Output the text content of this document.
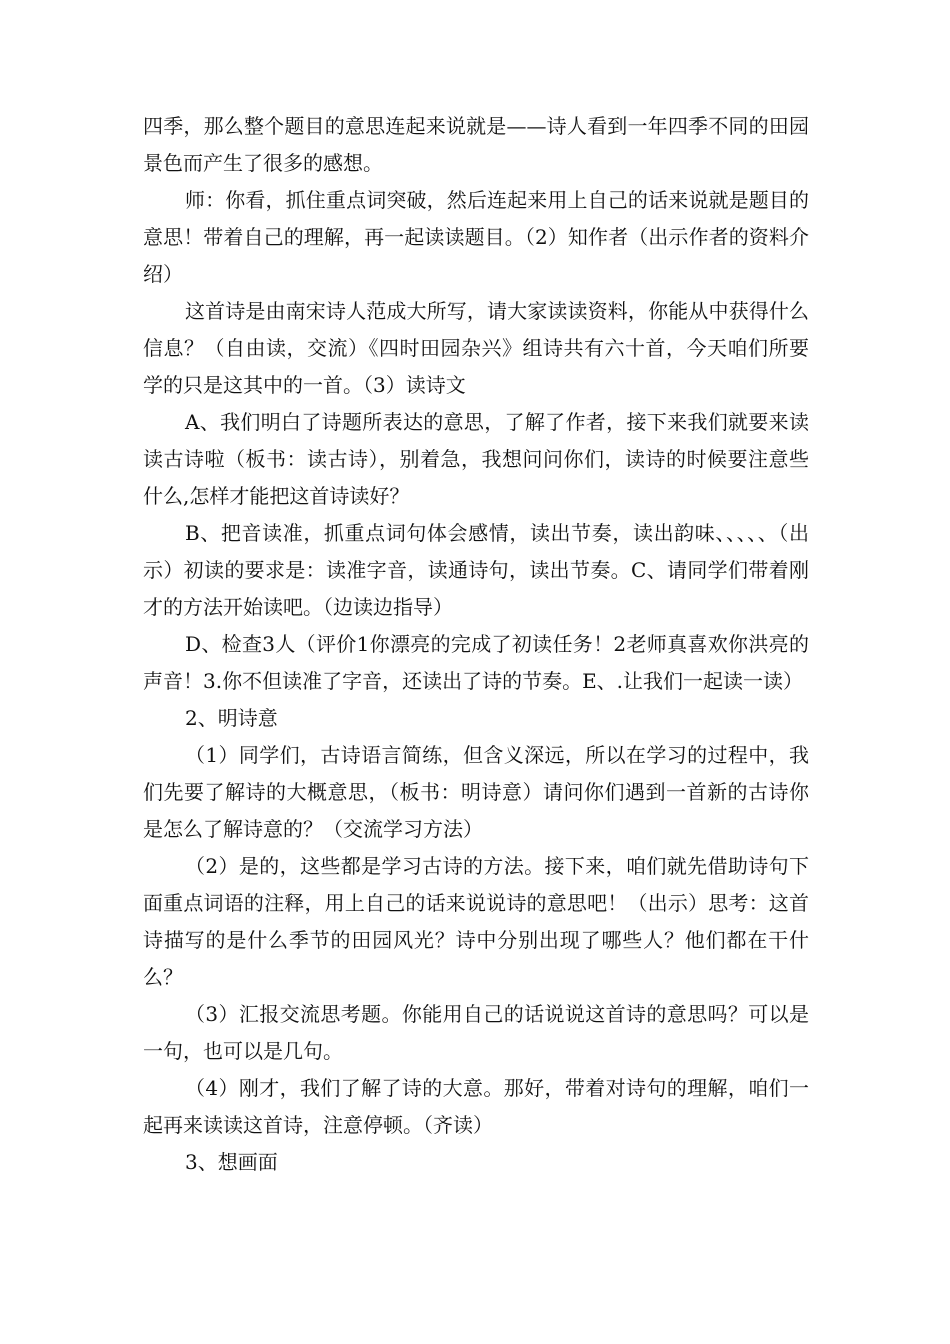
四季，那么整个题目的意思连起来说就是——诗人看到一年四季不同的田园景色而产生了很多的感想。

师：你看，抓住重点词突破，然后连起来用上自己的话来说就是题目的意思！带着自己的理解，再一起读读题目。（2）知作者（出示作者的资料介绍）

这首诗是由南宋诗人范成大所写，请大家读读资料，你能从中获得什么信息？（自由读，交流）《四时田园杂兴》组诗共有六十首，今天咱们所要学的只是这其中的一首。（3）读诗文

A、我们明白了诗题所表达的意思，了解了作者，接下来我们就要来读读古诗啦（板书：读古诗），别着急，我想问问你们，读诗的时候要注意些什么,怎样才能把这首诗读好？

B、把音读准，抓重点词句体会感情，读出节奏，读出韵味、、、、、（出示）初读的要求是：读准字音，读通诗句，读出节奏。C、请同学们带着刚才的方法开始读吧。（边读边指导）

D、检查3人（评价1你漂亮的完成了初读任务！2老师真喜欢你洪亮的声音！3.你不但读准了字音，还读出了诗的节奏。E、.让我们一起读一读）

2、明诗意

（1）同学们，古诗语言简练，但含义深远，所以在学习的过程中，我们先要了解诗的大概意思，（板书：明诗意）请问你们遇到一首新的古诗你是怎么了解诗意的？（交流学习方法）

（2）是的，这些都是学习古诗的方法。接下来，咱们就先借助诗句下面重点词语的注释，用上自己的话来说说诗的意思吧！（出示）思考：这首诗描写的是什么季节的田园风光？诗中分别出现了哪些人？他们都在干什么？

（3）汇报交流思考题。你能用自己的话说说这首诗的意思吗？可以是一句，也可以是几句。

（4）刚才，我们了解了诗的大意。那好，带着对诗句的理解，咱们一起再来读读这首诗，注意停顿。（齐读）

3、想画面
